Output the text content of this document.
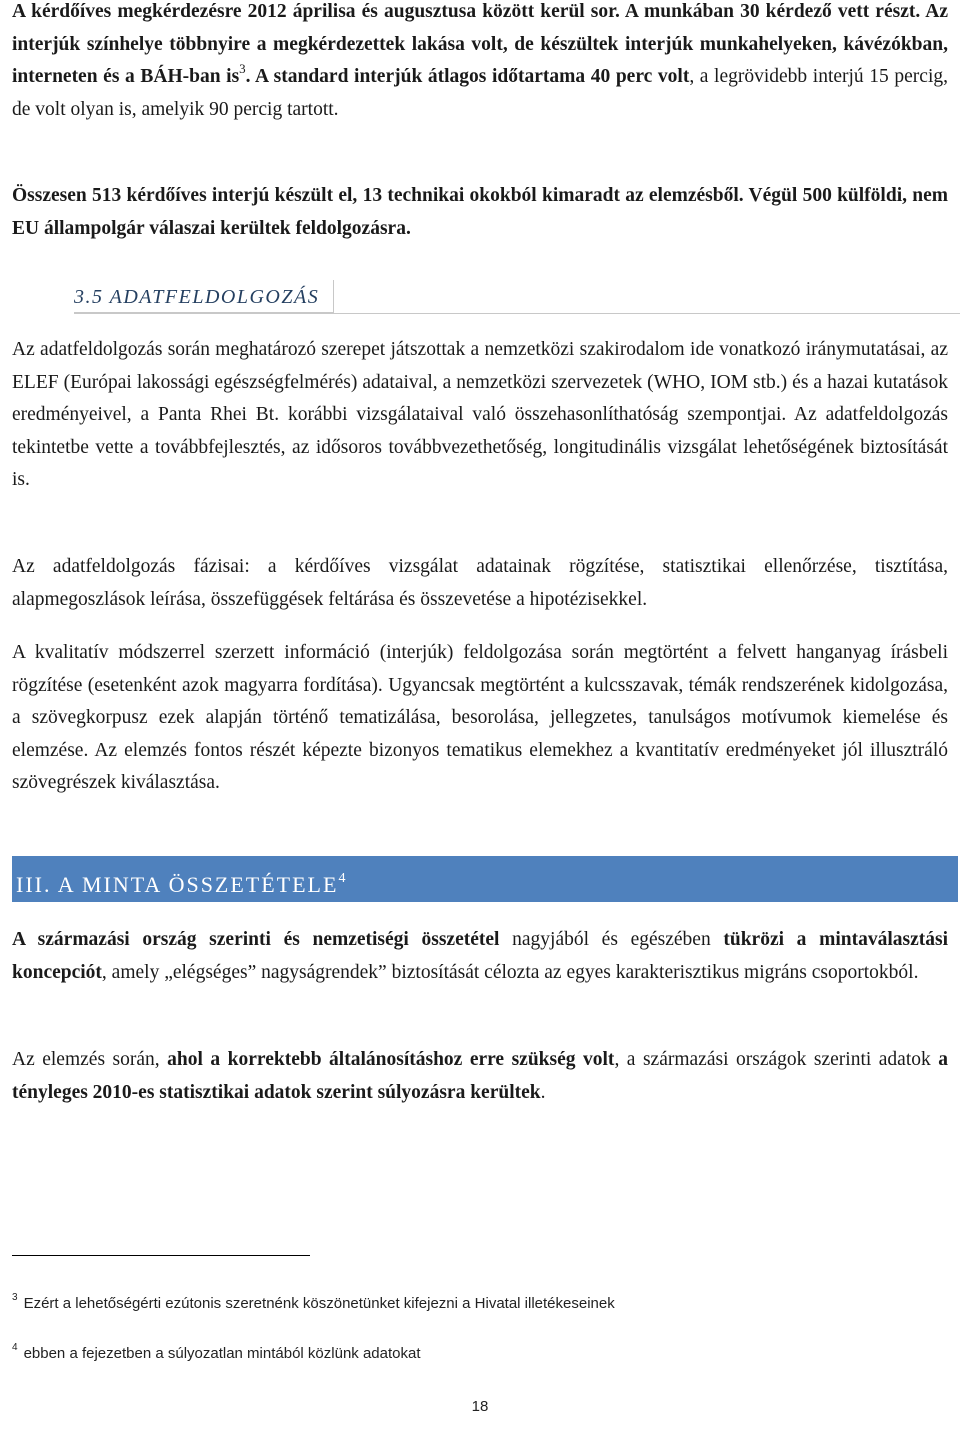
A kérdőíves megkérdezésre 2012 áprilisa és augusztusa között kerül sor. A munkában 30 kérdező vett részt. Az interjúk színhelye többnyire a megkérdezettek lakása volt, de készültek interjúk munkahelyeken, kávézókban, interneten és a BÁH-ban is$^3$. A standard interjúk átlagos időtartama 40 perc volt, a legrövidebb interjú 15 percig, de volt olyan is, amelyik 90 percig tartott.

Összesen 513 kérdőíves interjú készült el, 13 technikai okokból kimaradt az elemzésből. Végül 500 külföldi, nem EU állampolgár válaszai kerültek feldolgozásra.

3.5 ADATFELDOLGOZÁS

Az adatfeldolgozás során meghatározó szerepet játszottak a nemzetközi szakirodalom ide vonatkozó iránymutatásai, az ELEF (Európai lakossági egészségfelmérés) adataival, a nemzetközi szervezetek (WHO, IOM stb.) és a hazai kutatások eredményeivel, a Panta Rhei Bt. korábbi vizsgálataival való összehasonlíthatóság szempontjai. Az adatfeldolgozás tekintetbe vette a továbbfejlesztés, az idősoros továbbvezethetőség, longitudinális vizsgálat lehetőségének biztosítását is.

Az adatfeldolgozás fázisai: a kérdőíves vizsgálat adatainak rögzítése, statisztikai ellenőrzése, tisztítása, alapmegoszlások leírása, összefüggések feltárása és összevetése a hipotézisekkel.

A kvalitatív módszerrel szerzett információ (interjúk) feldolgozása során megtörtént a felvett hanganyag írásbeli rögzítése (esetenként azok magyarra fordítása). Ugyancsak megtörtént a kulcsszavak, témák rendszerének kidolgozása, a szövegkorpusz ezek alapján történő tematizálása, besorolása, jellegzetes, tanulságos motívumok kiemelése és elemzése. Az elemzés fontos részét képezte bizonyos tematikus elemekhez a kvantitatív eredményeket jól illusztráló szövegrészek kiválasztása.

III. A MINTA ÖSSZETÉTELE$^4$

A származási ország szerinti és nemzetiségi összetétel nagyjából és egészében tükrözi a mintaválasztási koncepciót, amely „elégséges” nagyságrendek” biztosítását célozta az egyes karakterisztikus migráns csoportokból.

Az elemzés során, ahol a korrektebb általánosításhoz erre szükség volt, a származási országok szerinti adatok a tényleges 2010-es statisztikai adatok szerint súlyozásra kerültek.

$^3$ Ezért a lehetőségérti ezútonis szeretnénk köszönetünket kifejezni a Hivatal illetékeseinek
$^4$ ebben a fejezetben a súlyozatlan mintából közlünk adatokat
18
